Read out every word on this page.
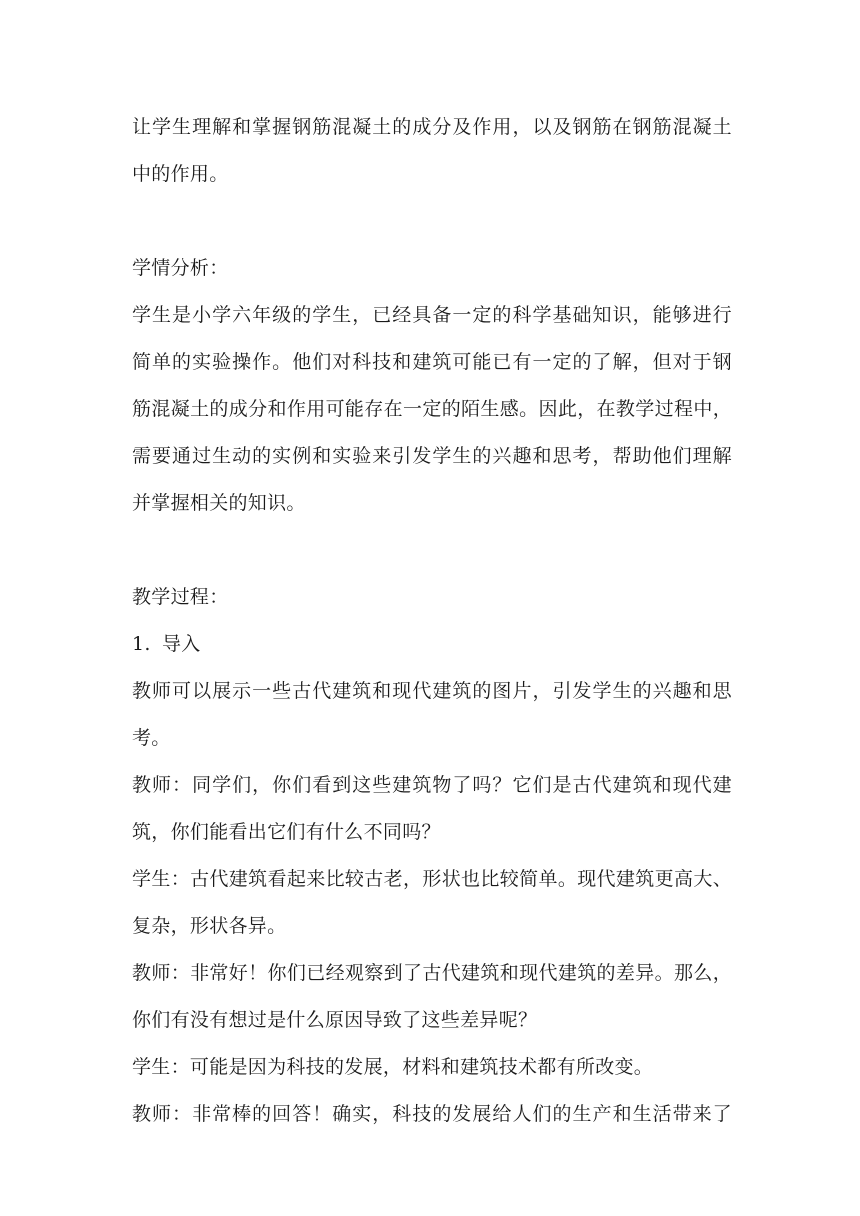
让学生理解和掌握钢筋混凝土的成分及作用，以及钢筋在钢筋混凝土
中的作用。
学情分析：
学生是小学六年级的学生，已经具备一定的科学基础知识，能够进行
简单的实验操作。他们对科技和建筑可能已有一定的了解，但对于钢
筋混凝土的成分和作用可能存在一定的陌生感。因此，在教学过程中，
需要通过生动的实例和实验来引发学生的兴趣和思考，帮助他们理解
并掌握相关的知识。
教学过程：
1. 导入
教师可以展示一些古代建筑和现代建筑的图片，引发学生的兴趣和思
考。
教师：同学们，你们看到这些建筑物了吗？它们是古代建筑和现代建
筑，你们能看出它们有什么不同吗？
学生：古代建筑看起来比较古老，形状也比较简单。现代建筑更高大、
复杂，形状各异。
教师：非常好！你们已经观察到了古代建筑和现代建筑的差异。那么，
你们有没有想过是什么原因导致了这些差异呢？
学生：可能是因为科技的发展，材料和建筑技术都有所改变。
教师：非常棒的回答！确实，科技的发展给人们的生产和生活带来了
